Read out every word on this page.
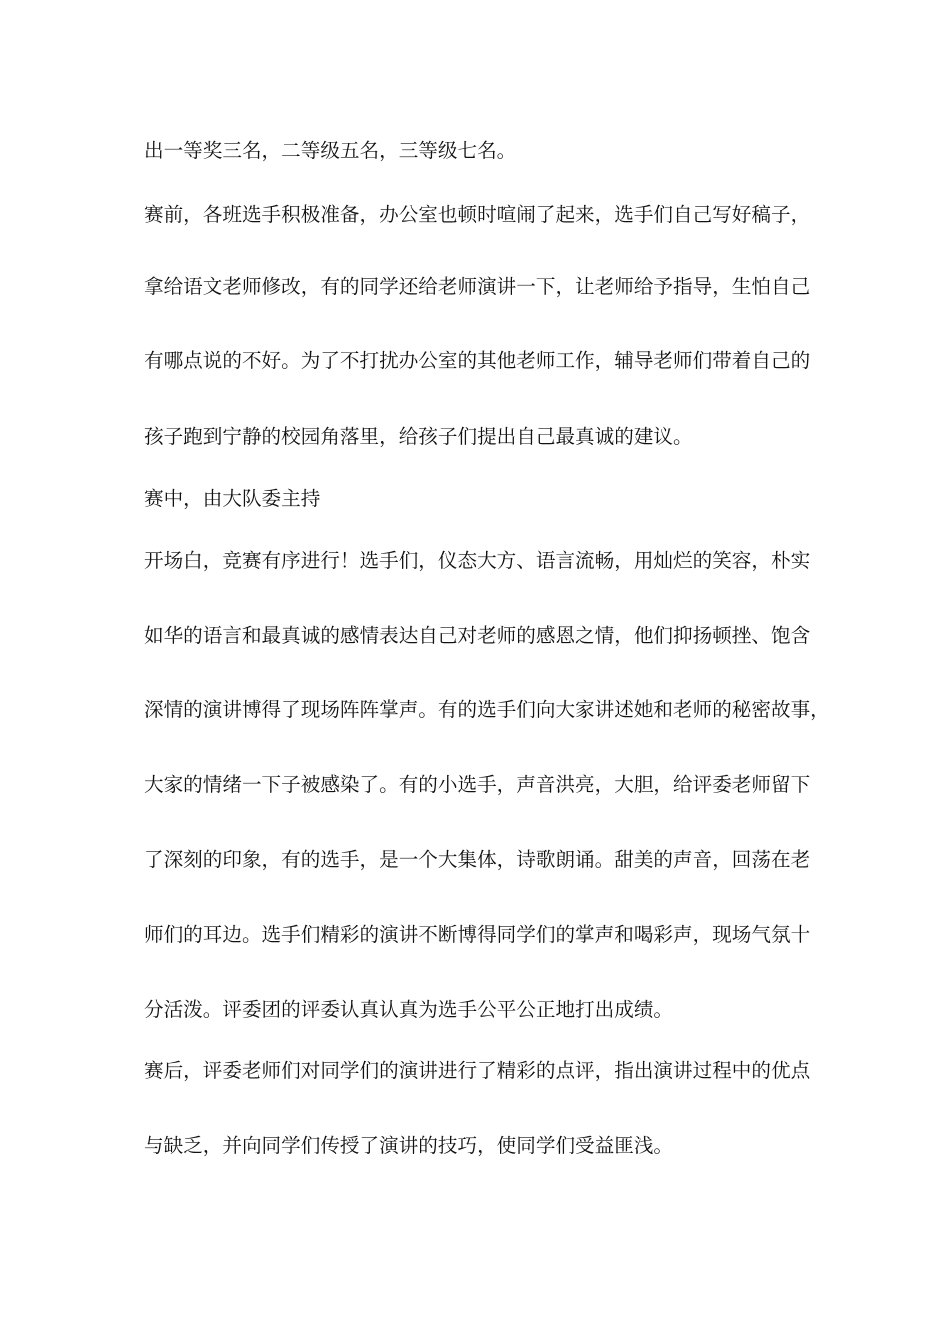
出一等奖三名，二等级五名，三等级七名。
赛前，各班选手积极准备，办公室也顿时喧闹了起来，选手们自己写好稿子，
拿给语文老师修改，有的同学还给老师演讲一下，让老师给予指导，生怕自己
有哪点说的不好。为了不打扰办公室的其他老师工作，辅导老师们带着自己的
孩子跑到宁静的校园角落里，给孩子们提出自己最真诚的建议。
赛中，由大队委主持
开场白，竞赛有序进行！选手们，仪态大方、语言流畅，用灿烂的笑容，朴实
如华的语言和最真诚的感情表达自己对老师的感恩之情，他们抑扬顿挫、饱含
深情的演讲博得了现场阵阵掌声。有的选手们向大家讲述她和老师的秘密故事，
大家的情绪一下子被感染了。有的小选手，声音洪亮，大胆，给评委老师留下
了深刻的印象，有的选手，是一个大集体，诗歌朗诵。甜美的声音，回荡在老
师们的耳边。选手们精彩的演讲不断博得同学们的掌声和喝彩声，现场气氛十
分活泼。评委团的评委认真认真为选手公平公正地打出成绩。
赛后，评委老师们对同学们的演讲进行了精彩的点评，指出演讲过程中的优点
与缺乏，并向同学们传授了演讲的技巧，使同学们受益匪浅。
